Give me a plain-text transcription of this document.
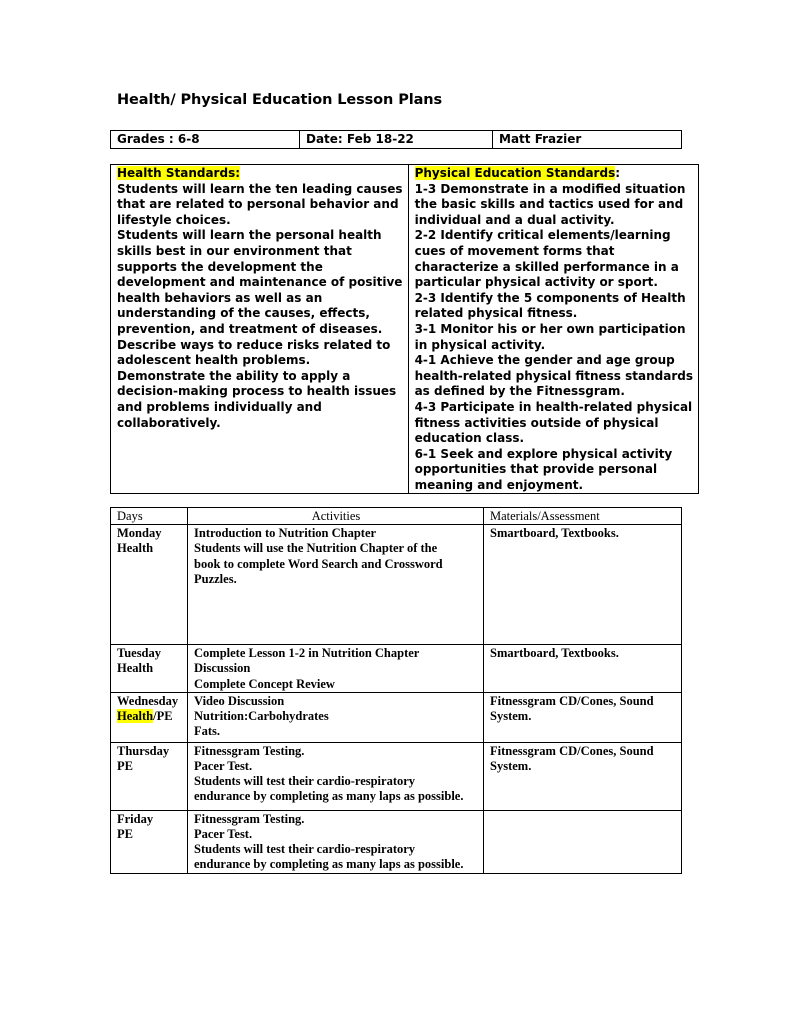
Health/ Physical Education Lesson Plans
Grades : 6-8	Date: Feb 18-22	Matt Frazier
Health Standards:
Students will learn the ten leading causes
that are related to personal behavior and
lifestyle choices.
Students will learn the personal health
skills best in our environment that
supports the development the
development and maintenance of positive
health behaviors as well as an
understanding of the causes, effects,
prevention, and treatment of diseases.
Describe ways to reduce risks related to
adolescent health problems.
Demonstrate the ability to apply a
decision-making process to health issues
and problems individually and
collaboratively.

Physical Education Standards:
1-3 Demonstrate in a modified situation
the basic skills and tactics used for and
individual and a dual activity.
2-2 Identify critical elements/learning
cues of movement forms that
characterize a skilled performance in a
particular physical activity or sport.
2-3 Identify the 5 components of Health
related physical fitness.
3-1 Monitor his or her own participation
in physical activity.
4-1 Achieve the gender and age group
health-related physical fitness standards
as defined by the Fitnessgram.
4-3 Participate in health-related physical
fitness activities outside of physical
education class.
6-1 Seek and explore physical activity
opportunities that provide personal
meaning and enjoyment.
Days	Activities	Materials/Assessment

Monday
Health	Introduction to Nutrition Chapter
Students will use the Nutrition Chapter of the
book to complete Word Search and Crossword
Puzzles.	Smartboard, Textbooks.

Tuesday
Health	Complete Lesson 1-2 in Nutrition Chapter
Discussion
Complete Concept Review	Smartboard, Textbooks.

Wednesday
Health/PE	Video Discussion
Nutrition:Carbohydrates
Fats.	Fitnessgram CD/Cones, Sound
System.

Thursday
PE	Fitnessgram Testing.
Pacer Test.
Students will test their cardio-respiratory
endurance by completing as many laps as possible.	Fitnessgram CD/Cones, Sound
System.

Friday
PE	Fitnessgram Testing.
Pacer Test.
Students will test their cardio-respiratory
endurance by completing as many laps as possible.	
